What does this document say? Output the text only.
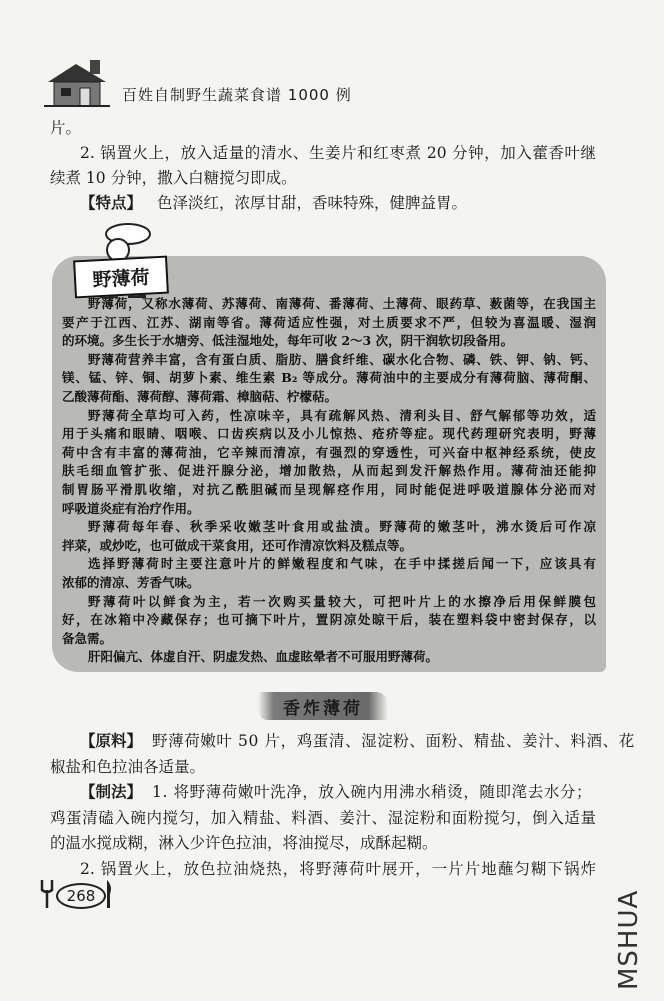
百姓自制野生蔬菜食谱 1000 例
片。
2. 锅置火上，放入适量的清水、生姜片和红枣煮 20 分钟，加入藿香叶继
续煮 10 分钟，撒入白糖搅匀即成。
【特点】 色泽淡红，浓厚甘甜，香味特殊，健脾益胃。
野薄荷
野薄荷，又称水薄荷、苏薄荷、南薄荷、番薄荷、土薄荷、眼药草、薮菌等，在我国主
要产于江西、江苏、湖南等省。薄荷适应性强，对土质要求不严，但较为喜温暖、湿润
的环境。多生长于水塘旁、低洼湿地处，每年可收 2～3 次，阴干润软切段备用。
野薄荷营养丰富，含有蛋白质、脂肪、膳食纤维、碳水化合物、磷、铁、钾、钠、钙、
镁、锰、锌、铜、胡萝卜素、维生素 B₂ 等成分。薄荷油中的主要成分有薄荷脑、薄荷酮、
乙酸薄荷酯、薄荷醇、薄荷霜、樟脑萜、柠檬萜。
野薄荷全草均可入药，性凉味辛，具有疏解风热、清利头目、舒气解郁等功效，适
用于头痛和眼睛、咽喉、口齿疾病以及小儿惊热、疮疥等症。现代药理研究表明，野薄
荷中含有丰富的薄荷油，它辛辣而清凉，有强烈的穿透性，可兴奋中枢神经系统，使皮
肤毛细血管扩张、促进汗腺分泌，增加散热，从而起到发汗解热作用。薄荷油还能抑
制胃肠平滑肌收缩，对抗乙酰胆碱而呈现解痉作用，同时能促进呼吸道腺体分泌而对
呼吸道炎症有治疗作用。
野薄荷每年春、秋季采收嫩茎叶食用或盐渍。野薄荷的嫩茎叶，沸水烫后可作凉
拌菜，或炒吃，也可做成干菜食用，还可作清凉饮料及糕点等。
选择野薄荷时主要注意叶片的鲜嫩程度和气味，在手中揉搓后闻一下，应该具有
浓郁的清凉、芳香气味。
野薄荷叶以鲜食为主，若一次购买量较大，可把叶片上的水擦净后用保鲜膜包
好，在冰箱中冷藏保存；也可摘下叶片，置阴凉处晾干后，装在塑料袋中密封保存，以
备急需。
肝阳偏亢、体虚自汗、阴虚发热、血虚眩晕者不可服用野薄荷。
香炸薄荷
【原料】 野薄荷嫩叶 50 片，鸡蛋清、湿淀粉、面粉、精盐、姜汁、料酒、花
椒盐和色拉油各适量。
【制法】 1. 将野薄荷嫩叶洗净，放入碗内用沸水稍烫，随即滗去水分；
鸡蛋清磕入碗内搅匀，加入精盐、料酒、姜汁、湿淀粉和面粉搅匀，倒入适量
的温水搅成糊，淋入少许色拉油，将油搅尽，成酥起糊。
2. 锅置火上，放色拉油烧热，将野薄荷叶展开，一片片地蘸匀糊下锅炸
268	MSHUA
